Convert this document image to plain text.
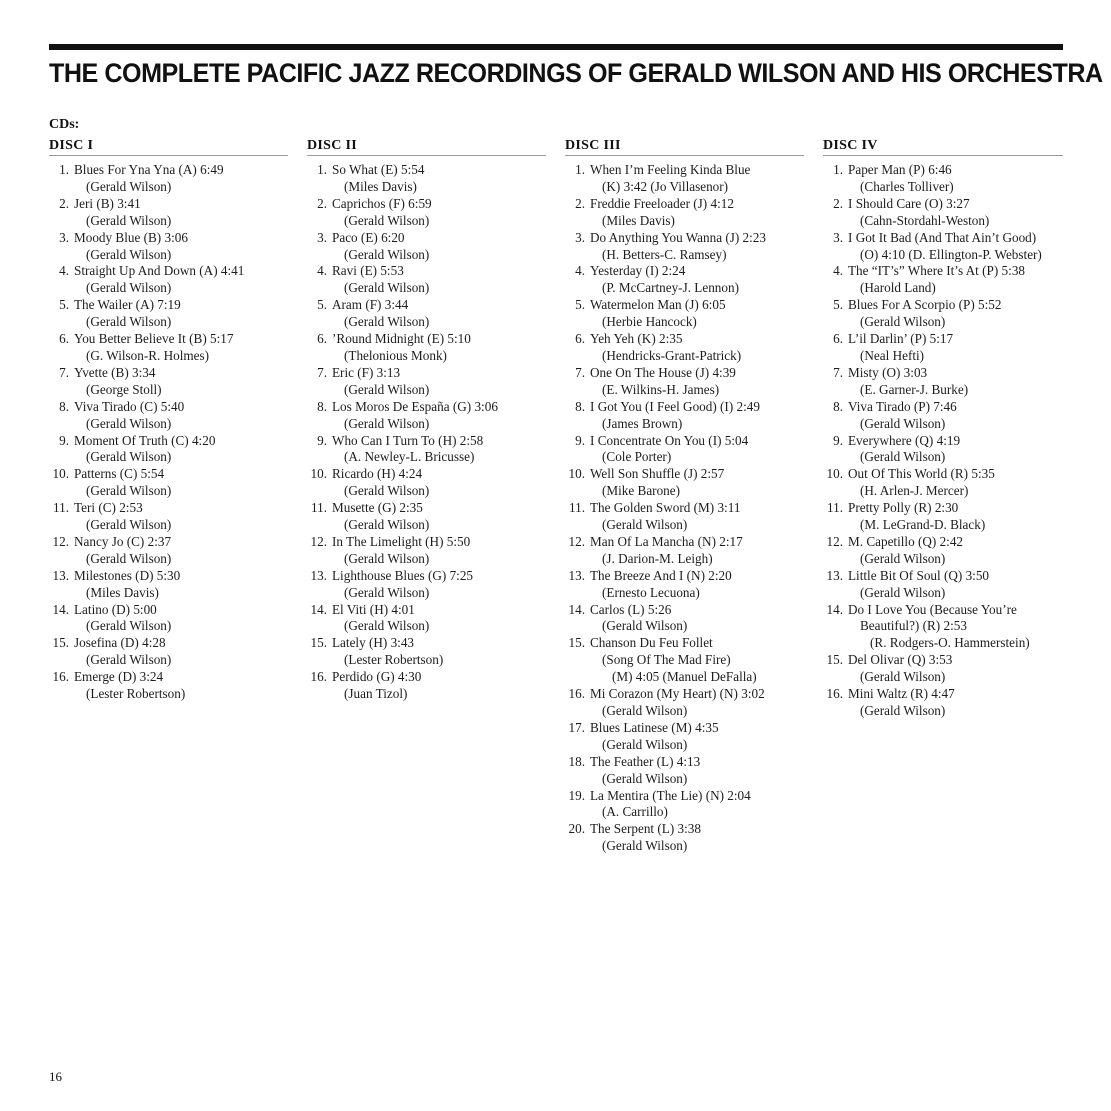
THE COMPLETE PACIFIC JAZZ RECORDINGS OF GERALD WILSON AND HIS ORCHESTRA
CDs:
DISC I
1. Blues For Yna Yna (A) 6:49
(Gerald Wilson)
2. Jeri (B) 3:41
(Gerald Wilson)
3. Moody Blue (B) 3:06
(Gerald Wilson)
4. Straight Up And Down (A) 4:41
(Gerald Wilson)
5. The Wailer (A) 7:19
(Gerald Wilson)
6. You Better Believe It (B) 5:17
(G. Wilson-R. Holmes)
7. Yvette (B) 3:34
(George Stoll)
8. Viva Tirado (C) 5:40
(Gerald Wilson)
9. Moment Of Truth (C) 4:20
(Gerald Wilson)
10. Patterns (C) 5:54
(Gerald Wilson)
11. Teri (C) 2:53
(Gerald Wilson)
12. Nancy Jo (C) 2:37
(Gerald Wilson)
13. Milestones (D) 5:30
(Miles Davis)
14. Latino (D) 5:00
(Gerald Wilson)
15. Josefina (D) 4:28
(Gerald Wilson)
16. Emerge (D) 3:24
(Lester Robertson)
DISC II
1. So What (E) 5:54
(Miles Davis)
2. Caprichos (F) 6:59
(Gerald Wilson)
3. Paco (E) 6:20
(Gerald Wilson)
4. Ravi (E) 5:53
(Gerald Wilson)
5. Aram (F) 3:44
(Gerald Wilson)
6. ’Round Midnight (E) 5:10
(Thelonious Monk)
7. Eric (F) 3:13
(Gerald Wilson)
8. Los Moros De España (G) 3:06
(Gerald Wilson)
9. Who Can I Turn To (H) 2:58
(A. Newley-L. Bricusse)
10. Ricardo (H) 4:24
(Gerald Wilson)
11. Musette (G) 2:35
(Gerald Wilson)
12. In The Limelight (H) 5:50
(Gerald Wilson)
13. Lighthouse Blues (G) 7:25
(Gerald Wilson)
14. El Viti (H) 4:01
(Gerald Wilson)
15. Lately (H) 3:43
(Lester Robertson)
16. Perdido (G) 4:30
(Juan Tizol)
DISC III
1. When I’m Feeling Kinda Blue
(K) 3:42 (Jo Villasenor)
2. Freddie Freeloader (J) 4:12
(Miles Davis)
3. Do Anything You Wanna (J) 2:23
(H. Betters-C. Ramsey)
4. Yesterday (I) 2:24
(P. McCartney-J. Lennon)
5. Watermelon Man (J) 6:05
(Herbie Hancock)
6. Yeh Yeh (K) 2:35
(Hendricks-Grant-Patrick)
7. One On The House (J) 4:39
(E. Wilkins-H. James)
8. I Got You (I Feel Good) (I) 2:49
(James Brown)
9. I Concentrate On You (I) 5:04
(Cole Porter)
10. Well Son Shuffle (J) 2:57
(Mike Barone)
11. The Golden Sword (M) 3:11
(Gerald Wilson)
12. Man Of La Mancha (N) 2:17
(J. Darion-M. Leigh)
13. The Breeze And I (N) 2:20
(Ernesto Lecuona)
14. Carlos (L) 5:26
(Gerald Wilson)
15. Chanson Du Feu Follet
(Song Of The Mad Fire)
(M) 4:05 (Manuel DeFalla)
16. Mi Corazon (My Heart) (N) 3:02
(Gerald Wilson)
17. Blues Latinese (M) 4:35
(Gerald Wilson)
18. The Feather (L) 4:13
(Gerald Wilson)
19. La Mentira (The Lie) (N) 2:04
(A. Carrillo)
20. The Serpent (L) 3:38
(Gerald Wilson)
DISC IV
1. Paper Man (P) 6:46
(Charles Tolliver)
2. I Should Care (O) 3:27
(Cahn-Stordahl-Weston)
3. I Got It Bad (And That Ain’t Good)
(O) 4:10 (D. Ellington-P. Webster)
4. The “IT’s” Where It’s At (P) 5:38
(Harold Land)
5. Blues For A Scorpio (P) 5:52
(Gerald Wilson)
6. L’il Darlin’ (P) 5:17
(Neal Hefti)
7. Misty (O) 3:03
(E. Garner-J. Burke)
8. Viva Tirado (P) 7:46
(Gerald Wilson)
9. Everywhere (Q) 4:19
(Gerald Wilson)
10. Out Of This World (R) 5:35
(H. Arlen-J. Mercer)
11. Pretty Polly (R) 2:30
(M. LeGrand-D. Black)
12. M. Capetillo (Q) 2:42
(Gerald Wilson)
13. Little Bit Of Soul (Q) 3:50
(Gerald Wilson)
14. Do I Love You (Because You’re
Beautiful?) (R) 2:53
(R. Rodgers-O. Hammerstein)
15. Del Olivar (Q) 3:53
(Gerald Wilson)
16. Mini Waltz (R) 4:47
(Gerald Wilson)
16
